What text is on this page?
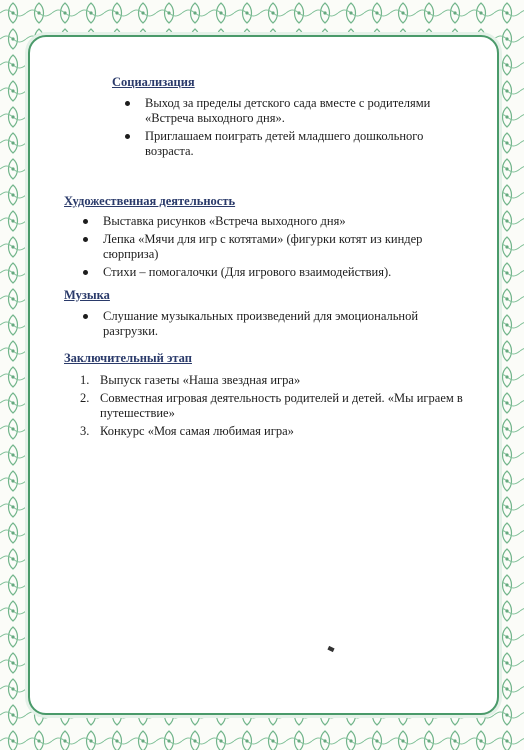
Социализация
Выход за пределы детского сада вместе с родителями
«Встреча выходного дня».
Приглашаем поиграть детей младшего дошкольного
возраста.
Художественная деятельность
Выставка рисунков «Встреча выходного дня»
Лепка «Мячи для игр с котятами» (фигурки котят из киндер
сюрприза)
Стихи – помогалочки (Для игрового взаимодействия).
Музыка
Слушание музыкальных произведений для эмоциональной
разгрузки.
Заключительный этап
1. Выпуск газеты «Наша звездная игра»
2. Совместная игровая деятельность родителей и детей. «Мы играем в
путешествие»
3. Конкурс «Моя самая любимая игра»
